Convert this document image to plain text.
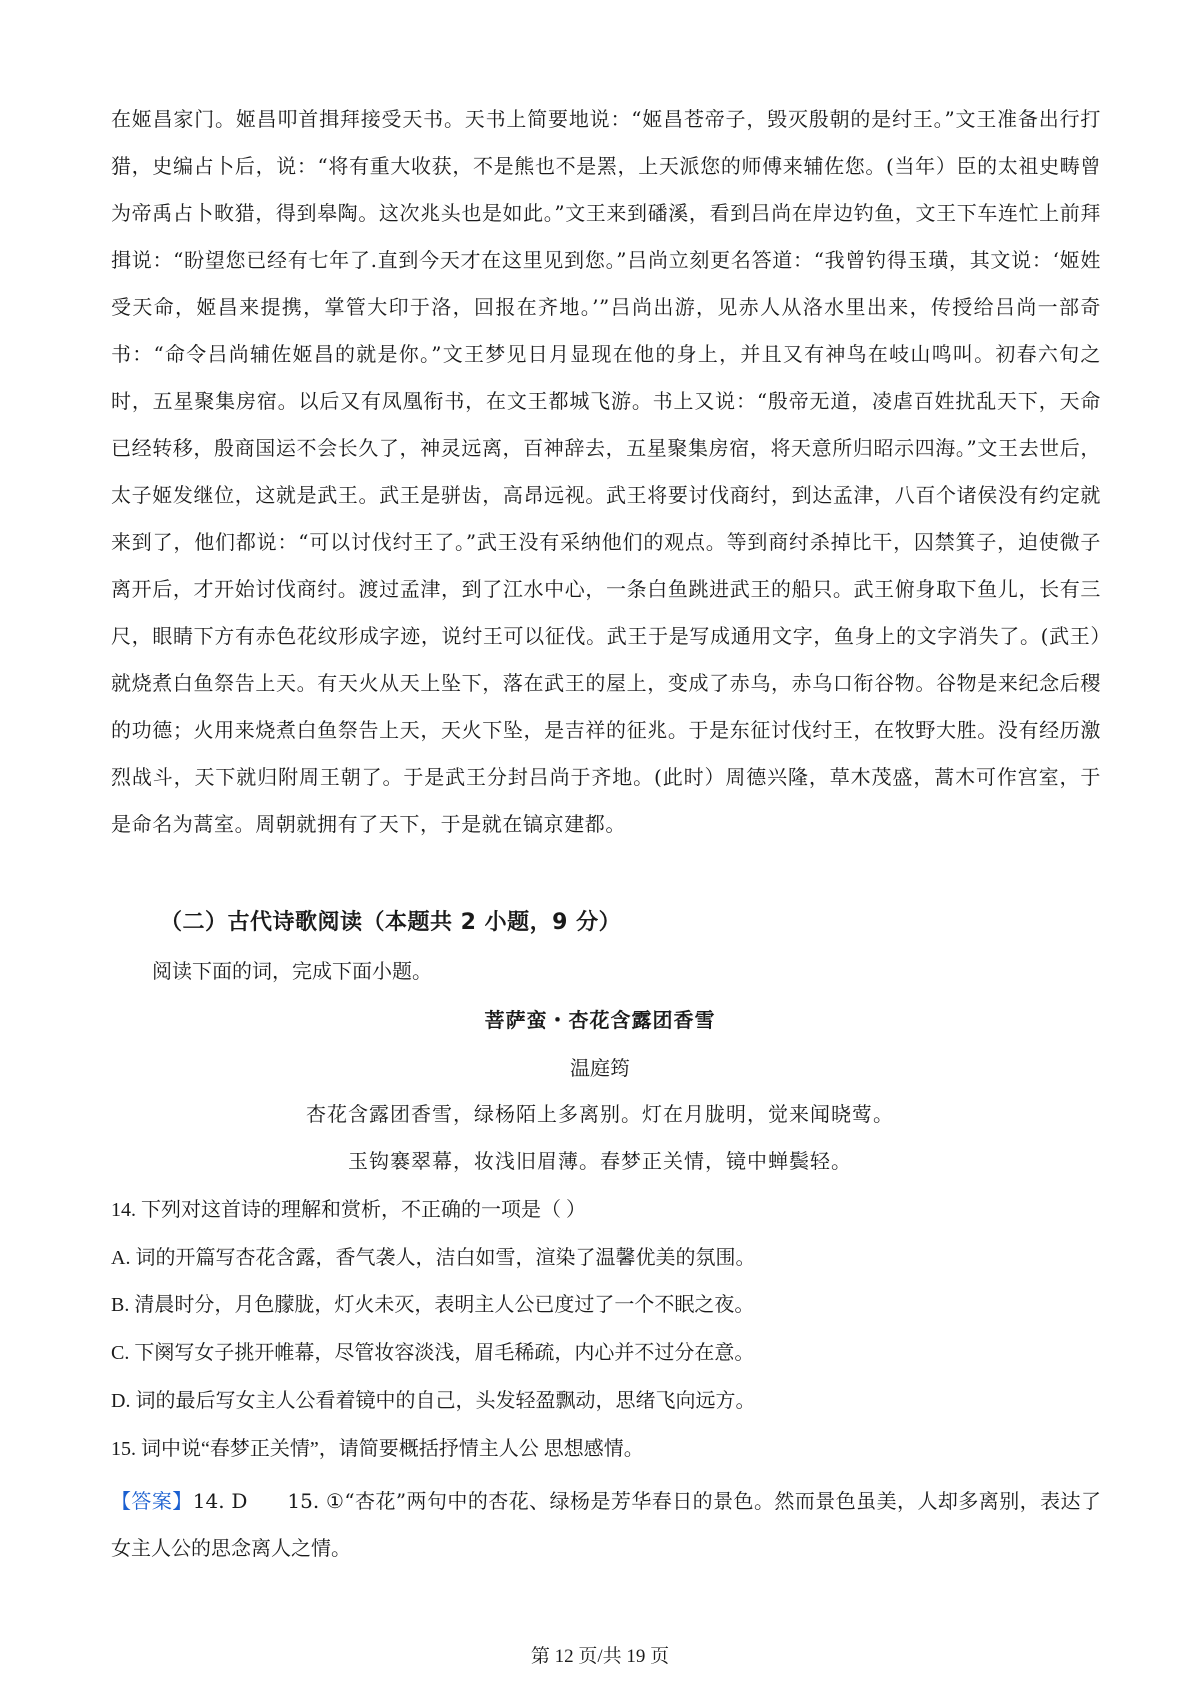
在姬昌家门。姬昌叩首揖拜接受天书。天书上简要地说：“姬昌苍帝子，毁灭殷朝的是纣王。”文王准备出行打猎，史编占卜后，说：“将有重大收获，不是熊也不是罴，上天派您的师傅来辅佐您。(当年）臣的太祖史畴曾为帝禹占卜畋猎，得到皋陶。这次兆头也是如此。”文王来到磻溪，看到吕尚在岸边钓鱼，文王下车连忙上前拜揖说：“盼望您已经有七年了.直到今天才在这里见到您。”吕尚立刻更名答道：“我曾钓得玉璜，其文说：‘姬姓受天命，姬昌来提携，掌管大印于洛，回报在齐地。’”吕尚出游，见赤人从洛水里出来，传授给吕尚一部奇书：“命令吕尚辅佐姬昌的就是你。”文王梦见日月显现在他的身上，并且又有神鸟在岐山鸣叫。初春六旬之时，五星聚集房宿。以后又有凤凰衔书，在文王都城飞游。书上又说：“殷帝无道，凌虐百姓扰乱天下，天命已经转移，殷商国运不会长久了，神灵远离，百神辞去，五星聚集房宿，将天意所归昭示四海。”文王去世后，太子姬发继位，这就是武王。武王是骈齿，高昂远视。武王将要讨伐商纣，到达孟津，八百个诸侯没有约定就来到了，他们都说：“可以讨伐纣王了。”武王没有采纳他们的观点。等到商纣杀掉比干，囚禁箕子，迫使微子离开后，才开始讨伐商纣。渡过孟津，到了江水中心，一条白鱼跳进武王的船只。武王俯身取下鱼儿，长有三尺，眼睛下方有赤色花纹形成字迹，说纣王可以征伐。武王于是写成通用文字，鱼身上的文字消失了。(武王）就烧煮白鱼祭告上天。有天火从天上坠下，落在武王的屋上，变成了赤乌，赤乌口衔谷物。谷物是来纪念后稷的功德；火用来烧煮白鱼祭告上天，天火下坠，是吉祥的征兆。于是东征讨伐纣王，在牧野大胜。没有经历激烈战斗，天下就归附周王朝了。于是武王分封吕尚于齐地。(此时）周德兴隆，草木茂盛，蒿木可作宫室，于是命名为蒿室。周朝就拥有了天下，于是就在镐京建都。
（二）古代诗歌阅读（本题共 2 小题，9 分）
阅读下面的词，完成下面小题。
菩萨蛮・杏花含露团香雪
温庭筠
杏花含露团香雪，绿杨陌上多离别。灯在月胧明，觉来闻晓莺。
玉钩褰翠幕，妆浅旧眉薄。春梦正关情，镜中蝉鬓轻。
14. 下列对这首诗的理解和赏析，不正确的一项是（ ）
A. 词的开篇写杏花含露，香气袭人，洁白如雪，渲染了温馨优美的氛围。
B. 清晨时分，月色朦胧，灯火未灭，表明主人公已度过了一个不眠之夜。
C. 下阕写女子挑开帷幕，尽管妆容淡浅，眉毛稀疏，内心并不过分在意。
D. 词的最后写女主人公看着镜中的自己，头发轻盈飘动，思绪飞向远方。
15. 词中说“春梦正关情”，请简要概括抒情主人公 思想感情。
【答案】14. D 15. ①“杏花”两句中的杏花、绿杨是芳华春日的景色。然而景色虽美，人却多离别，表达了女主人公的思念离人之情。
第 12 页/共 19 页
